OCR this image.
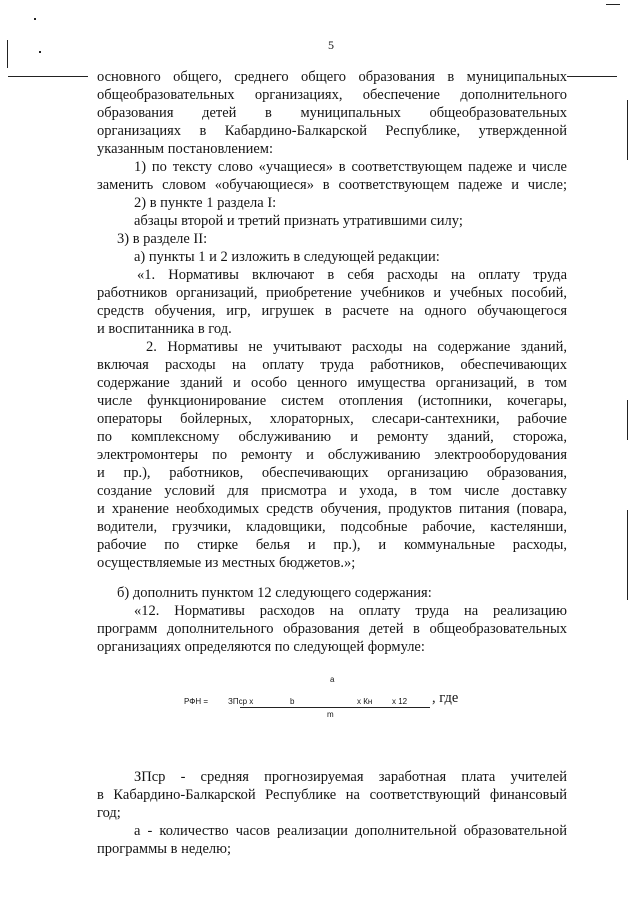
5
основного общего, среднего общего образования в муниципальных
общеобразовательных организациях, обеспечение дополнительного
образования детей в муниципальных общеобразовательных
организациях в Кабардино-Балкарской Республике, утвержденной
указанным постановлением:
1) по тексту слово «учащиеся» в соответствующем падеже и числе
заменить словом «обучающиеся» в соответствующем падеже и числе;
2) в пункте 1 раздела I:
абзацы второй и третий признать утратившими силу;
3) в разделе II:
а) пункты 1 и 2 изложить в следующей редакции:
«1. Нормативы включают в себя расходы на оплату труда
работников организаций, приобретение учебников и учебных пособий,
средств обучения, игр, игрушек в расчете на одного обучающегося
и воспитанника в год.
2. Нормативы не учитывают расходы на содержание зданий,
включая расходы на оплату труда работников, обеспечивающих
содержание зданий и особо ценного имущества организаций, в том
числе функционирование систем отопления (истопники, кочегары,
операторы бойлерных, хлораторных, слесари-сантехники, рабочие
по комплексному обслуживанию и ремонту зданий, сторожа,
электромонтеры по ремонту и обслуживанию электрооборудования
и пр.), работников, обеспечивающих организацию образования,
создание условий для присмотра и ухода, в том числе доставку
и хранение необходимых средств обучения, продуктов питания (повара,
водители, грузчики, кладовщики, подсобные рабочие, кастелянши,
рабочие по стирке белья и пр.), и коммунальные расходы,
осуществляемые из местных бюджетов.»;
б) дополнить пунктом 12 следующего содержания:
«12. Нормативы расходов на оплату труда на реализацию
программ дополнительного образования детей в общеобразовательных
организациях определяются по следующей формуле:
а
РФН =	ЗПср х	b	х Кн х 12
m
, где
ЗПср - средняя прогнозируемая заработная плата учителей
в Кабардино-Балкарской Республике на соответствующий финансовый
год;
а - количество часов реализации дополнительной образовательной
программы в неделю;
